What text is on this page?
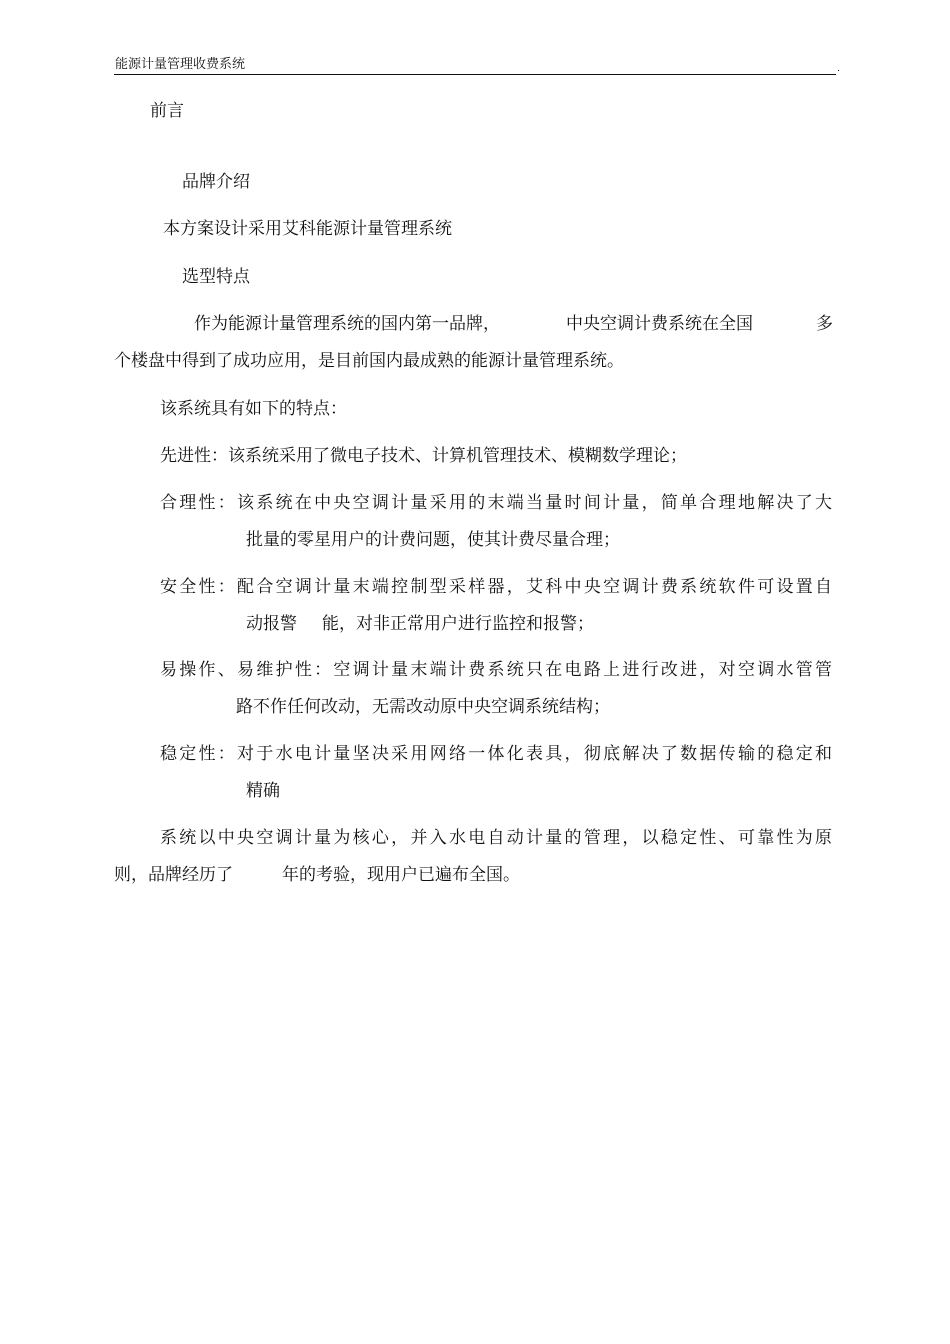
能源计量管理收费系统	.
前言
品牌介绍
本方案设计采用艾科能源计量管理系统
选型特点
作为能源计量管理系统的国内第一品牌，	中央空调计费系统在全国	多
个楼盘中得到了成功应用，是目前国内最成熟的能源计量管理系统。
该系统具有如下的特点：
先进性：该系统采用了微电子技术、计算机管理技术、模糊数学理论；
合理性：该系统在中央空调计量采用的末端当量时间计量，简单合理地解决了大
批量的零星用户的计费问题，使其计费尽量合理；
安全性：配合空调计量末端控制型采样器，艾科中央空调计费系统软件可设置自
动报警 能，对非正常用户进行监控和报警；
易操作、易维护性：空调计量末端计费系统只在电路上进行改进，对空调水管管
路不作任何改动，无需改动原中央空调系统结构；
稳定性：对于水电计量坚决采用网络一体化表具，彻底解决了数据传输的稳定和
精确
系统以中央空调计量为核心，并入水电自动计量的管理，以稳定性、可靠性为原
则，品牌经历了	年的考验，现用户已遍布全国。
